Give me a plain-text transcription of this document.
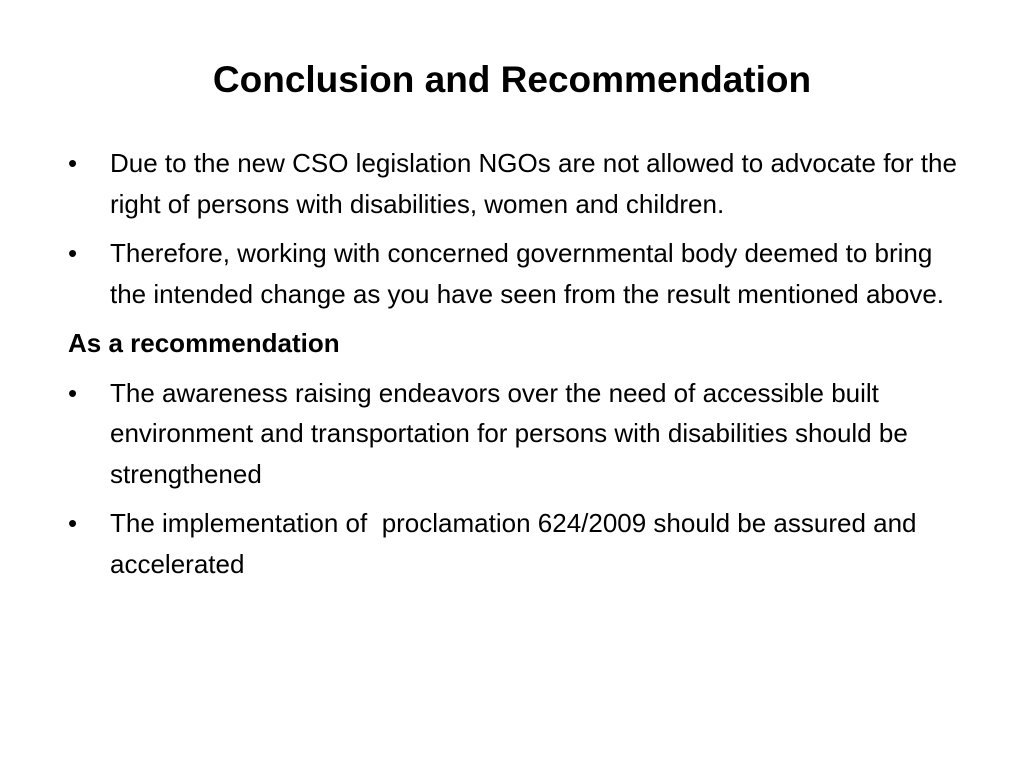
Conclusion and Recommendation
•	Due to the new CSO legislation NGOs are not allowed to advocate for the right of persons with disabilities, women and children.
•	Therefore, working with concerned governmental body deemed to bring the intended change as you have seen from the result mentioned above.
As a recommendation
•	The awareness raising endeavors over the need of accessible built environment and transportation for persons with disabilities should be strengthened
•	The implementation of  proclamation 624/2009 should be assured and  accelerated
